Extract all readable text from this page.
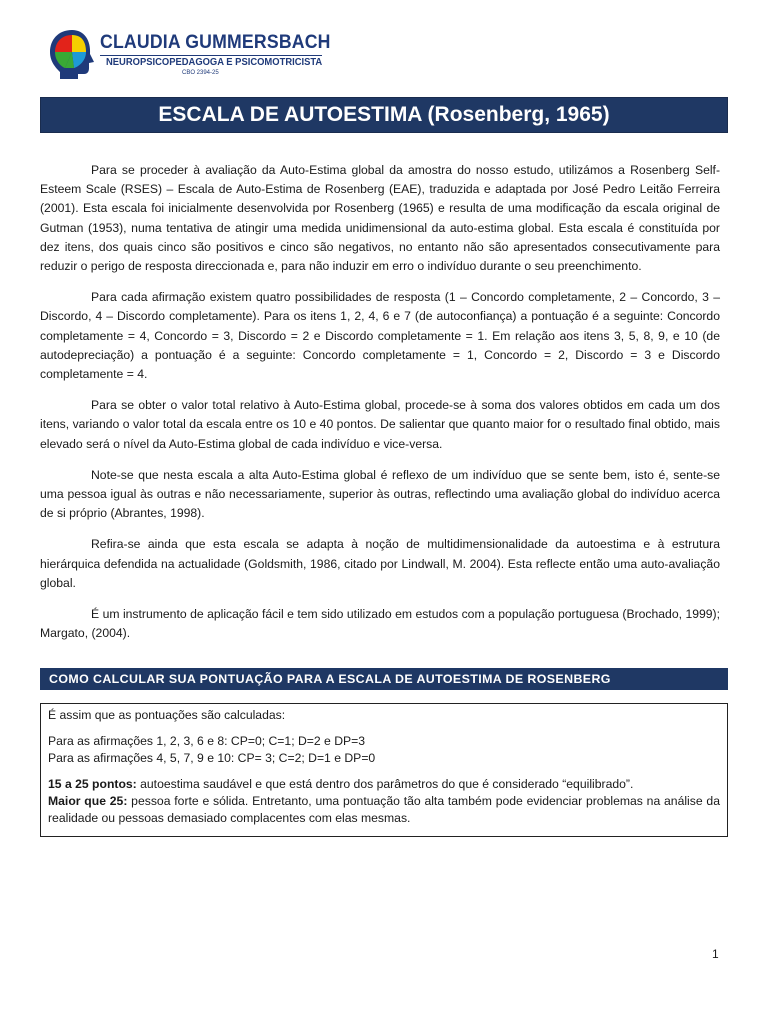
CLAUDIA GUMMERSBACH
NEUROPSICOPEDAGOGA E PSICOMOTRICISTA
CBO 2394-25
ESCALA DE AUTOESTIMA (Rosenberg, 1965)

Para se proceder à avaliação da Auto-Estima global da amostra do nosso estudo, utilizámos a Rosenberg Self-Esteem Scale (RSES) – Escala de Auto-Estima de Rosenberg (EAE), traduzida e adaptada por José Pedro Leitão Ferreira (2001). Esta escala foi inicialmente desenvolvida por Rosenberg (1965) e resulta de uma modificação da escala original de Gutman (1953), numa tentativa de atingir uma medida unidimensional da auto-estima global. Esta escala é constituída por dez itens, dos quais cinco são positivos e cinco são negativos, no entanto não são apresentados consecutivamente para reduzir o perigo de resposta direccionada e, para não induzir em erro o indivíduo durante o seu preenchimento.

Para cada afirmação existem quatro possibilidades de resposta (1 – Concordo completamente, 2 – Concordo, 3 – Discordo, 4 – Discordo completamente). Para os itens 1, 2, 4, 6 e 7 (de autoconfiança) a pontuação é a seguinte: Concordo completamente = 4, Concordo = 3, Discordo = 2 e Discordo completamente = 1. Em relação aos itens 3, 5, 8, 9, e 10 (de autodepreciação) a pontuação é a seguinte: Concordo completamente = 1, Concordo = 2, Discordo = 3 e Discordo completamente = 4.

Para se obter o valor total relativo à Auto-Estima global, procede-se à soma dos valores obtidos em cada um dos itens, variando o valor total da escala entre os 10 e 40 pontos. De salientar que quanto maior for o resultado final obtido, mais elevado será o nível da Auto-Estima global de cada indivíduo e vice-versa.

Note-se que nesta escala a alta Auto-Estima global é reflexo de um indivíduo que se sente bem, isto é, sente-se uma pessoa igual às outras e não necessariamente, superior às outras, reflectindo uma avaliação global do indivíduo acerca de si próprio (Abrantes, 1998).

Refira-se ainda que esta escala se adapta à noção de multidimensionalidade da autoestima e à estrutura hierárquica defendida na actualidade (Goldsmith, 1986, citado por Lindwall, M. 2004). Esta reflecte então uma auto-avaliação global.

É um instrumento de aplicação fácil e tem sido utilizado em estudos com a população portuguesa (Brochado, 1999); Margato, (2004).

COMO CALCULAR SUA PONTUAÇÃO PARA A ESCALA DE AUTOESTIMA DE ROSENBERG

É assim que as pontuações são calculadas:

Para as afirmações 1, 2, 3, 6 e 8: CP=0; C=1; D=2 e DP=3

Para as afirmações 4, 5, 7, 9 e 10: CP= 3; C=2; D=1 e DP=0

15 a 25 pontos: autoestima saudável e que está dentro dos parâmetros do que é considerado “equilibrado”.

Maior que 25: pessoa forte e sólida. Entretanto, uma pontuação tão alta também pode evidenciar problemas na análise da realidade ou pessoas demasiado complacentes com elas mesmas.

1
